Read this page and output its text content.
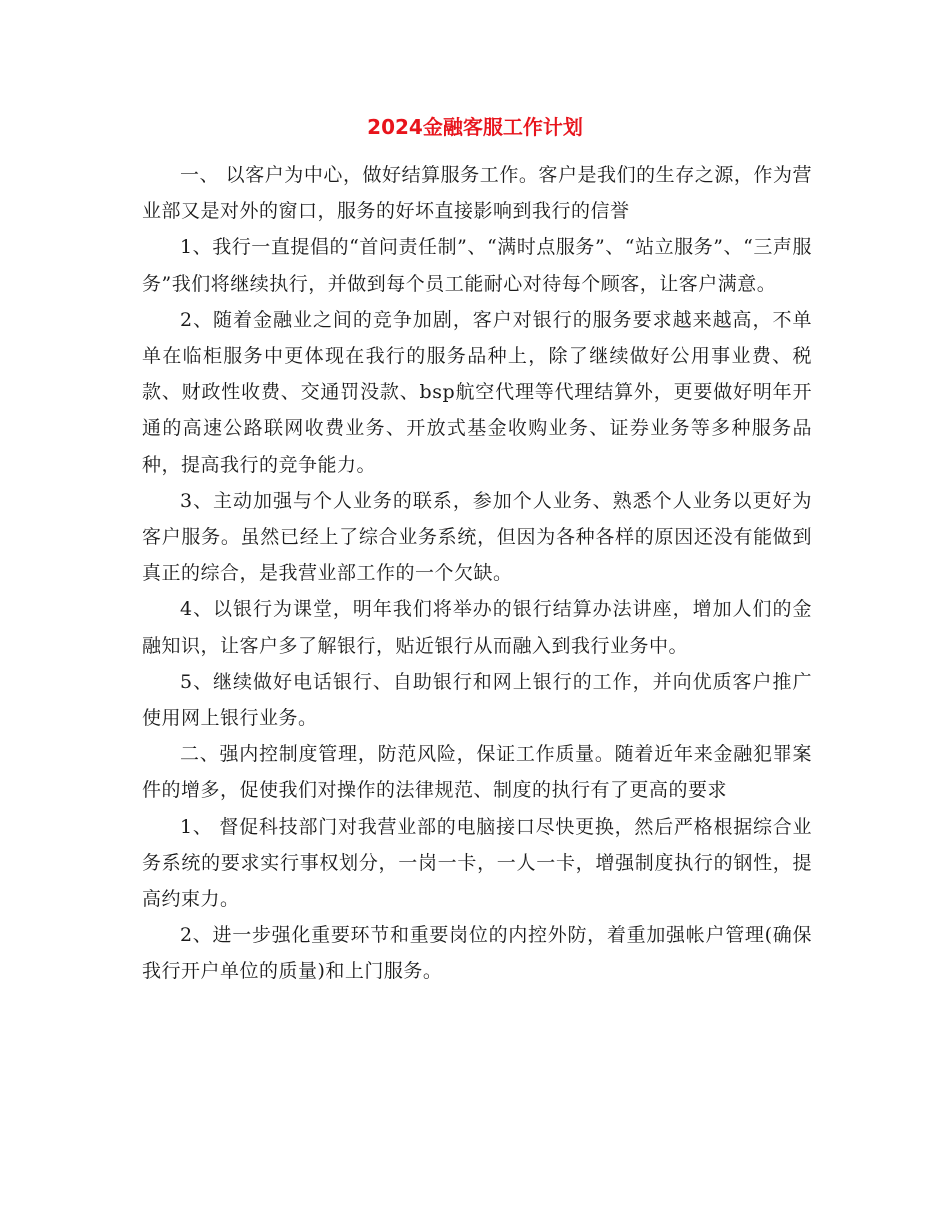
2024金融客服工作计划

一、 以客户为中心，做好结算服务工作。客户是我们的生存之源，作为营业部又是对外的窗口，服务的好坏直接影响到我行的信誉

1、我行一直提倡的“首问责任制”、“满时点服务”、“站立服务”、“三声服务”我们将继续执行，并做到每个员工能耐心对待每个顾客，让客户满意。

2、随着金融业之间的竞争加剧，客户对银行的服务要求越来越高，不单单在临柜服务中更体现在我行的服务品种上，除了继续做好公用事业费、税款、财政性收费、交通罚没款、bsp航空代理等代理结算外，更要做好明年开通的高速公路联网收费业务、开放式基金收购业务、证券业务等多种服务品种，提高我行的竞争能力。

3、主动加强与个人业务的联系，参加个人业务、熟悉个人业务以更好为客户服务。虽然已经上了综合业务系统，但因为各种各样的原因还没有能做到真正的综合，是我营业部工作的一个欠缺。

4、以银行为课堂，明年我们将举办的银行结算办法讲座，增加人们的金融知识，让客户多了解银行，贴近银行从而融入到我行业务中。

5、继续做好电话银行、自助银行和网上银行的工作，并向优质客户推广使用网上银行业务。

二、强内控制度管理，防范风险，保证工作质量。随着近年来金融犯罪案件的增多，促使我们对操作的法律规范、制度的执行有了更高的要求

1、 督促科技部门对我营业部的电脑接口尽快更换，然后严格根据综合业务系统的要求实行事权划分，一岗一卡，一人一卡，增强制度执行的钢性，提高约束力。

2、进一步强化重要环节和重要岗位的内控外防，着重加强帐户管理(确保我行开户单位的质量)和上门服务。
